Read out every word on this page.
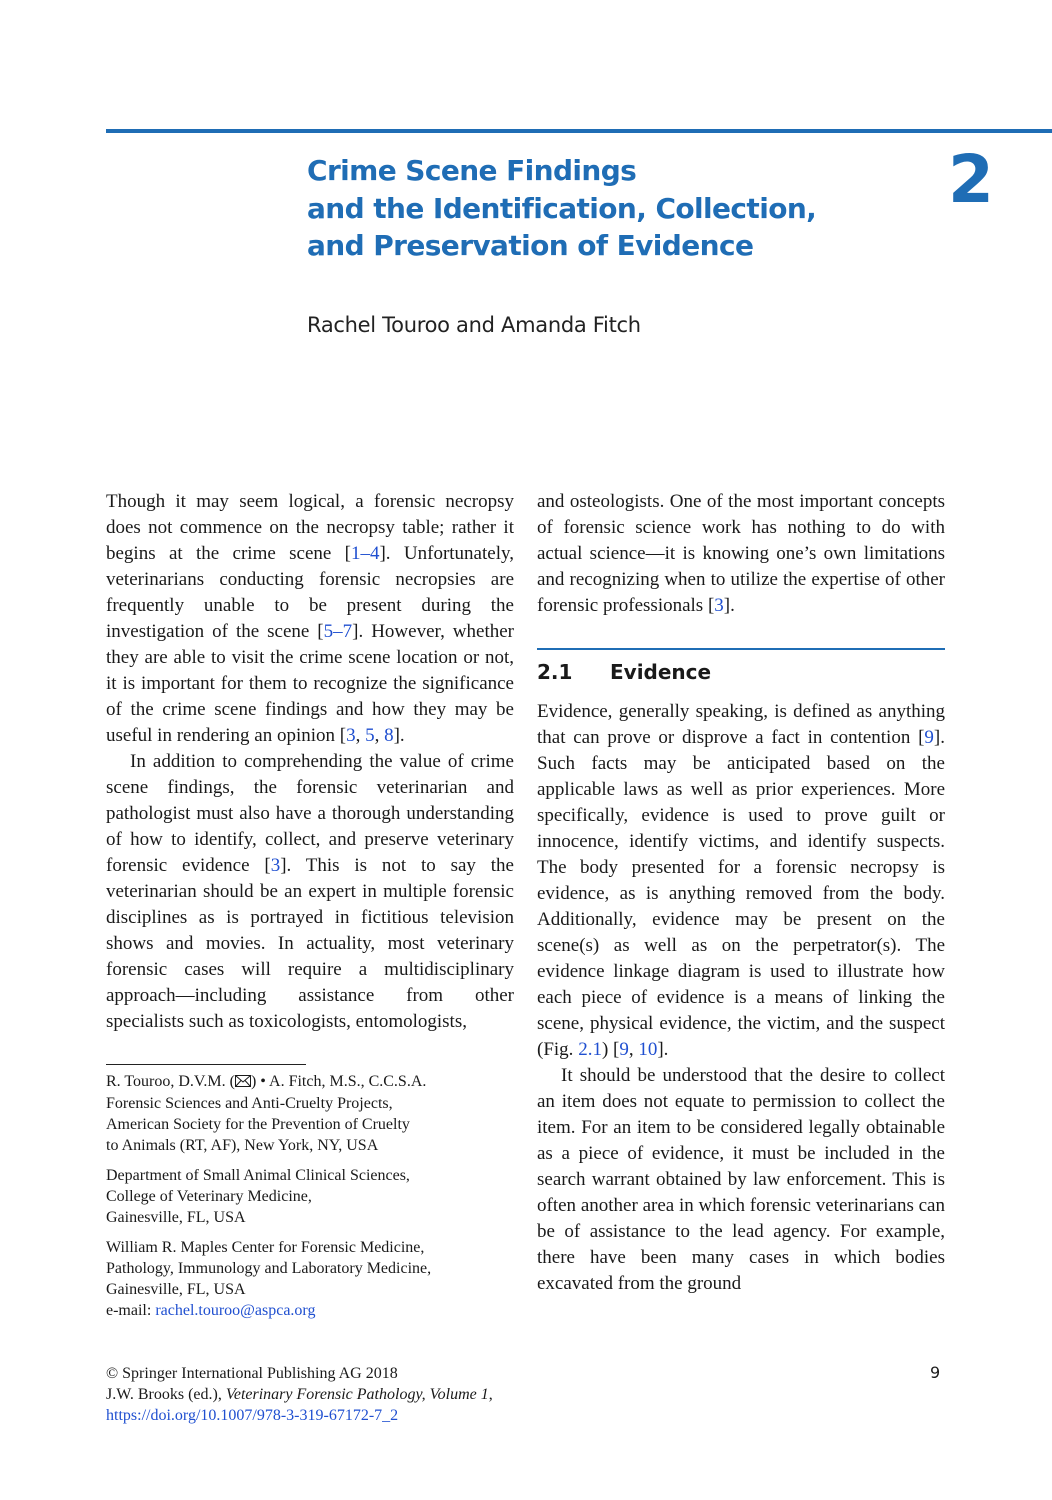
Crime Scene Findings
and the Identification, Collection,
and Preservation of Evidence
2
Rachel Touroo and Amanda Fitch

Though it may seem logical, a forensic necropsy does not commence on the necropsy table; rather it begins at the crime scene [1–4]. Unfortunately, veterinarians conducting forensic necropsies are frequently unable to be present during the investigation of the scene [5–7]. However, whether they are able to visit the crime scene location or not, it is important for them to recognize the significance of the crime scene findings and how they may be useful in rendering an opinion [3, 5, 8].

In addition to comprehending the value of crime scene findings, the forensic veterinarian and pathologist must also have a thorough understanding of how to identify, collect, and preserve veterinary forensic evidence [3]. This is not to say the veterinarian should be an expert in multiple forensic disciplines as is portrayed in fictitious television shows and movies. In actuality, most veterinary forensic cases will require a multidisciplinary approach—including assistance from other specialists such as toxicologists, entomologists,

and osteologists. One of the most important concepts of forensic science work has nothing to do with actual science—it is knowing one’s own limitations and recognizing when to utilize the expertise of other forensic professionals [3].

2.1 Evidence

Evidence, generally speaking, is defined as anything that can prove or disprove a fact in contention [9]. Such facts may be anticipated based on the applicable laws as well as prior experiences. More specifically, evidence is used to prove guilt or innocence, identify victims, and identify suspects. The body presented for a forensic necropsy is evidence, as is anything removed from the body. Additionally, evidence may be present on the scene(s) as well as on the perpetrator(s). The evidence linkage diagram is used to illustrate how each piece of evidence is a means of linking the scene, physical evidence, the victim, and the suspect (Fig. 2.1) [9, 10].

It should be understood that the desire to collect an item does not equate to permission to collect the item. For an item to be considered legally obtainable as a piece of evidence, it must be included in the search warrant obtained by law enforcement. This is often another area in which forensic veterinarians can be of assistance to the lead agency. For example, there have been many cases in which bodies excavated from the ground

R. Touroo, D.V.M. ( ) • A. Fitch, M.S., C.C.S.A.
Forensic Sciences and Anti-Cruelty Projects,
American Society for the Prevention of Cruelty
to Animals (RT, AF), New York, NY, USA
Department of Small Animal Clinical Sciences,
College of Veterinary Medicine,
Gainesville, FL, USA
William R. Maples Center for Forensic Medicine,
Pathology, Immunology and Laboratory Medicine,
Gainesville, FL, USA
e-mail: rachel.touroo@aspca.org
© Springer International Publishing AG 2018
J.W. Brooks (ed.), Veterinary Forensic Pathology, Volume 1,
https://doi.org/10.1007/978-3-319-67172-7_2
9
